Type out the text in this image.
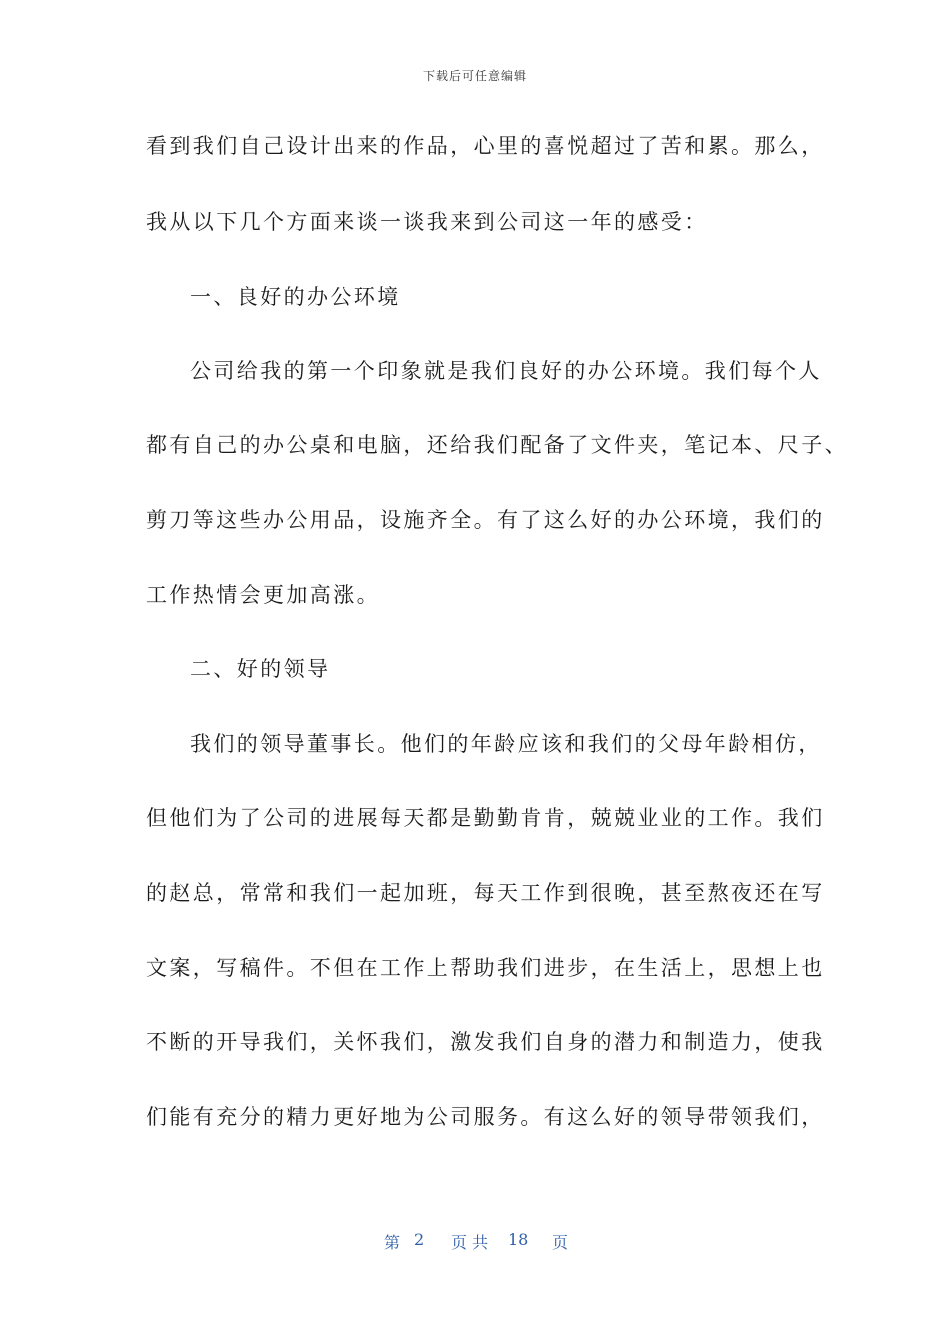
下载后可任意编辑
看到我们自己设计出来的作品，心里的喜悦超过了苦和累。那么，
我从以下几个方面来谈一谈我来到公司这一年的感受：
一、良好的办公环境
公司给我的第一个印象就是我们良好的办公环境。我们每个人
都有自己的办公桌和电脑，还给我们配备了文件夹，笔记本、尺子、
剪刀等这些办公用品，设施齐全。有了这么好的办公环境，我们的
工作热情会更加高涨。
二、好的领导
我们的领导董事长。他们的年龄应该和我们的父母年龄相仿，
但他们为了公司的进展每天都是勤勤肯肯，兢兢业业的工作。我们
的赵总，常常和我们一起加班，每天工作到很晚，甚至熬夜还在写
文案，写稿件。不但在工作上帮助我们进步，在生活上，思想上也
不断的开导我们，关怀我们，激发我们自身的潜力和制造力，使我
们能有充分的精力更好地为公司服务。有这么好的领导带领我们，
第 2 页 共 18 页
